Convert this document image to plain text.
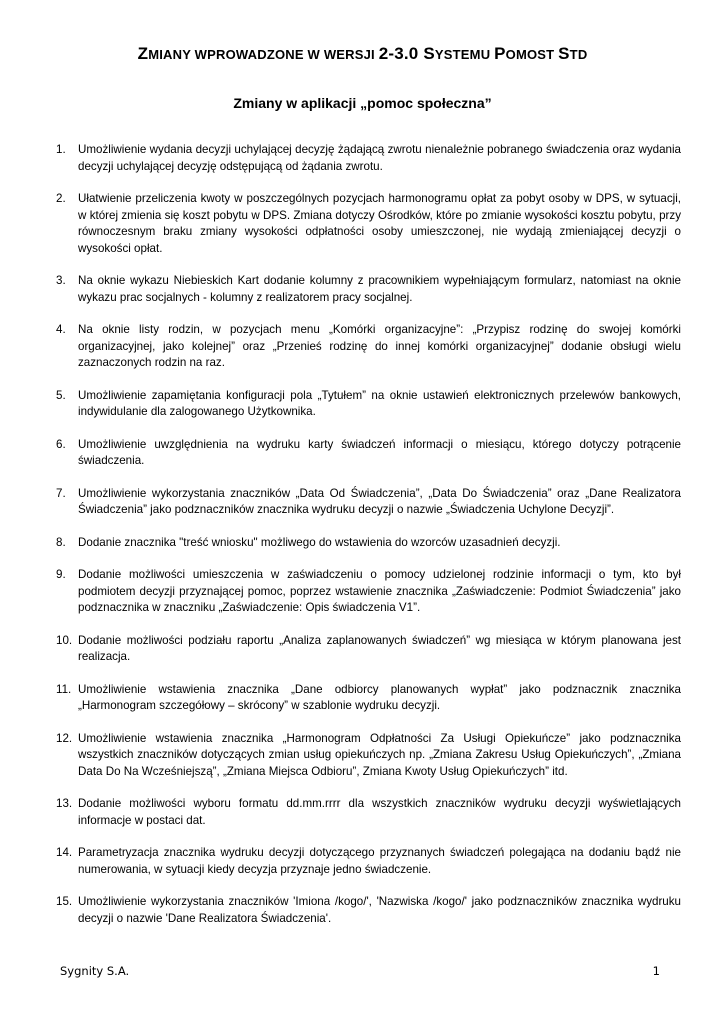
ZMIANY WPROWADZONE W WERSJI 2-3.0 SYSTEMU POMOST STD
Zmiany w aplikacji „pomoc społeczna”
1. Umożliwienie wydania decyzji uchylającej decyzję żądającą zwrotu nienależnie pobranego świadczenia oraz wydania decyzji uchylającej decyzję odstępującą od żądania zwrotu.
2. Ułatwienie przeliczenia kwoty w poszczególnych pozycjach harmonogramu opłat za pobyt osoby w DPS, w sytuacji, w której zmienia się koszt pobytu w DPS. Zmiana dotyczy Ośrodków, które po zmianie wysokości kosztu pobytu, przy równoczesnym braku zmiany wysokości odpłatności osoby umieszczonej, nie wydają zmieniającej decyzji o wysokości opłat.
3. Na oknie wykazu Niebieskich Kart dodanie kolumny z pracownikiem wypełniającym formularz, natomiast na oknie wykazu prac socjalnych - kolumny z realizatorem pracy socjalnej.
4. Na oknie listy rodzin, w pozycjach menu „Komórki organizacyjne”: „Przypisz rodzinę do swojej komórki organizacyjnej, jako kolejnej” oraz „Przenieś rodzinę do innej komórki organizacyjnej” dodanie obsługi wielu zaznaczonych rodzin na raz.
5. Umożliwienie zapamiętania konfiguracji pola „Tytułem” na oknie ustawień elektronicznych przelewów bankowych, indywidulanie dla zalogowanego Użytkownika.
6. Umożliwienie uwzględnienia na wydruku karty świadczeń informacji o miesiącu, którego dotyczy potrącenie świadczenia.
7. Umożliwienie wykorzystania znaczników „Data Od Świadczenia”, „Data Do Świadczenia” oraz „Dane Realizatora Świadczenia” jako podznaczników znacznika wydruku decyzji o nazwie „Świadczenia Uchylone Decyzji”.
8. Dodanie znacznika "treść wniosku" możliwego do wstawienia do wzorców uzasadnień decyzji.
9. Dodanie możliwości umieszczenia w zaświadczeniu o pomocy udzielonej rodzinie informacji o tym, kto był podmiotem decyzji przyznającej pomoc, poprzez wstawienie znacznika „Zaświadczenie: Podmiot Świadczenia” jako podznacznika w znaczniku „Zaświadczenie: Opis świadczenia V1”.
10. Dodanie możliwości podziału raportu „Analiza zaplanowanych świadczeń” wg miesiąca w którym planowana jest realizacja.
11. Umożliwienie wstawienia znacznika „Dane odbiorcy planowanych wypłat” jako podznacznik znacznika „Harmonogram szczegółowy – skrócony” w szablonie wydruku decyzji.
12. Umożliwienie wstawienia znacznika „Harmonogram Odpłatności Za Usługi Opiekuńcze” jako podznacznika wszystkich znaczników dotyczących zmian usług opiekuńczych np. „Zmiana Zakresu Usług Opiekuńczych”, „Zmiana Data Do Na Wcześniejszą”, „Zmiana Miejsca Odbioru”, Zmiana Kwoty Usług Opiekuńczych” itd.
13. Dodanie możliwości wyboru formatu dd.mm.rrrr dla wszystkich znaczników wydruku decyzji wyświetlających informacje w postaci dat.
14. Parametryzacja znacznika wydruku decyzji dotyczącego przyznanych świadczeń polegająca na dodaniu bądź nie numerowania, w sytuacji kiedy decyzja przyznaje jedno świadczenie.
15. Umożliwienie wykorzystania znaczników 'Imiona /kogo/', 'Nazwiska /kogo/' jako podznaczników znacznika wydruku decyzji o nazwie 'Dane Realizatora Świadczenia'.
Sygnity S.A.	1
